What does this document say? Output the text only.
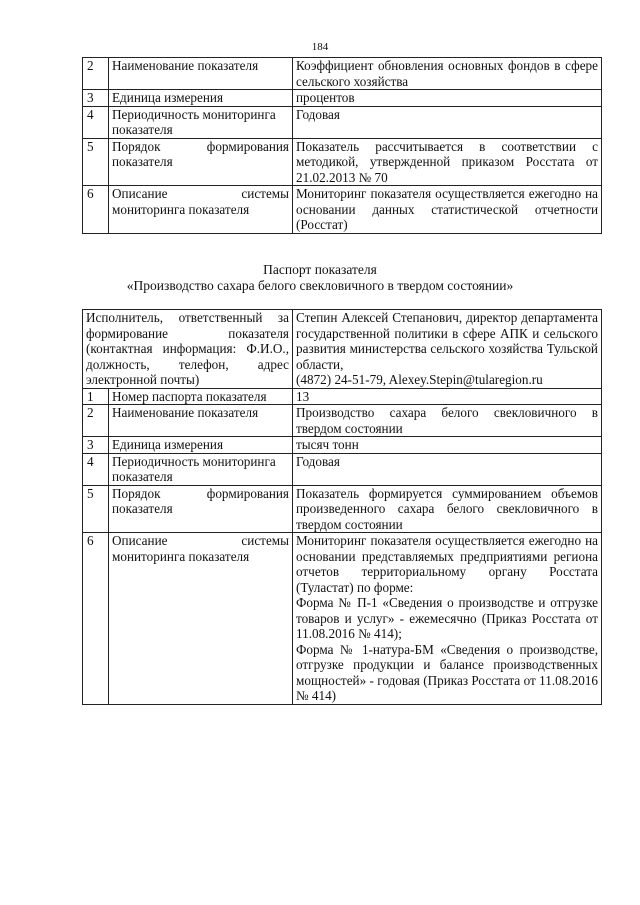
184
2	Наименование показателя	Коэффициент обновления основных фондов в сфере сельского хозяйства
3	Единица измерения	процентов
4	Периодичность мониторинга показателя	Годовая
5	Порядок формирования показателя	Показатель рассчитывается в соответствии с методикой, утвержденной приказом Росстата от 21.02.2013 № 70
6	Описание системы мониторинга показателя	Мониторинг показателя осуществляется ежегодно на основании данных статистической отчетности (Росстат)
Паспорт показателя
«Производство сахара белого свекловичного в твердом состоянии»
Исполнитель, ответственный за формирование показателя (контактная информация: Ф.И.О., должность, телефон, адрес электронной почты)		Степин Алексей Степанович, директор департамента государственной политики в сфере АПК и сельского развития министерства сельского хозяйства Тульской области,
(4872) 24-51-79, Alexey.Stepin@tularegion.ru

1	Номер паспорта показателя	13
2	Наименование показателя	Производство сахара белого свекловичного в твердом состоянии
3	Единица измерения	тысяч тонн
4	Периодичность мониторинга показателя	Годовая
5	Порядок формирования показателя	Показатель формируется суммированием объемов произведенного сахара белого свекловичного в твердом состоянии
6	Описание системы мониторинга показателя	Мониторинг показателя осуществляется ежегодно на основании представляемых предприятиями региона отчетов территориальному органу Росстата (Туластат) по форме:
Форма № П-1 «Сведения о производстве и отгрузке товаров и услуг» - ежемесячно (Приказ Росстата от 11.08.2016 № 414);
Форма № 1-натура-БМ «Сведения о производстве, отгрузке продукции и балансе производственных мощностей» - годовая (Приказ Росстата от 11.08.2016 № 414)
